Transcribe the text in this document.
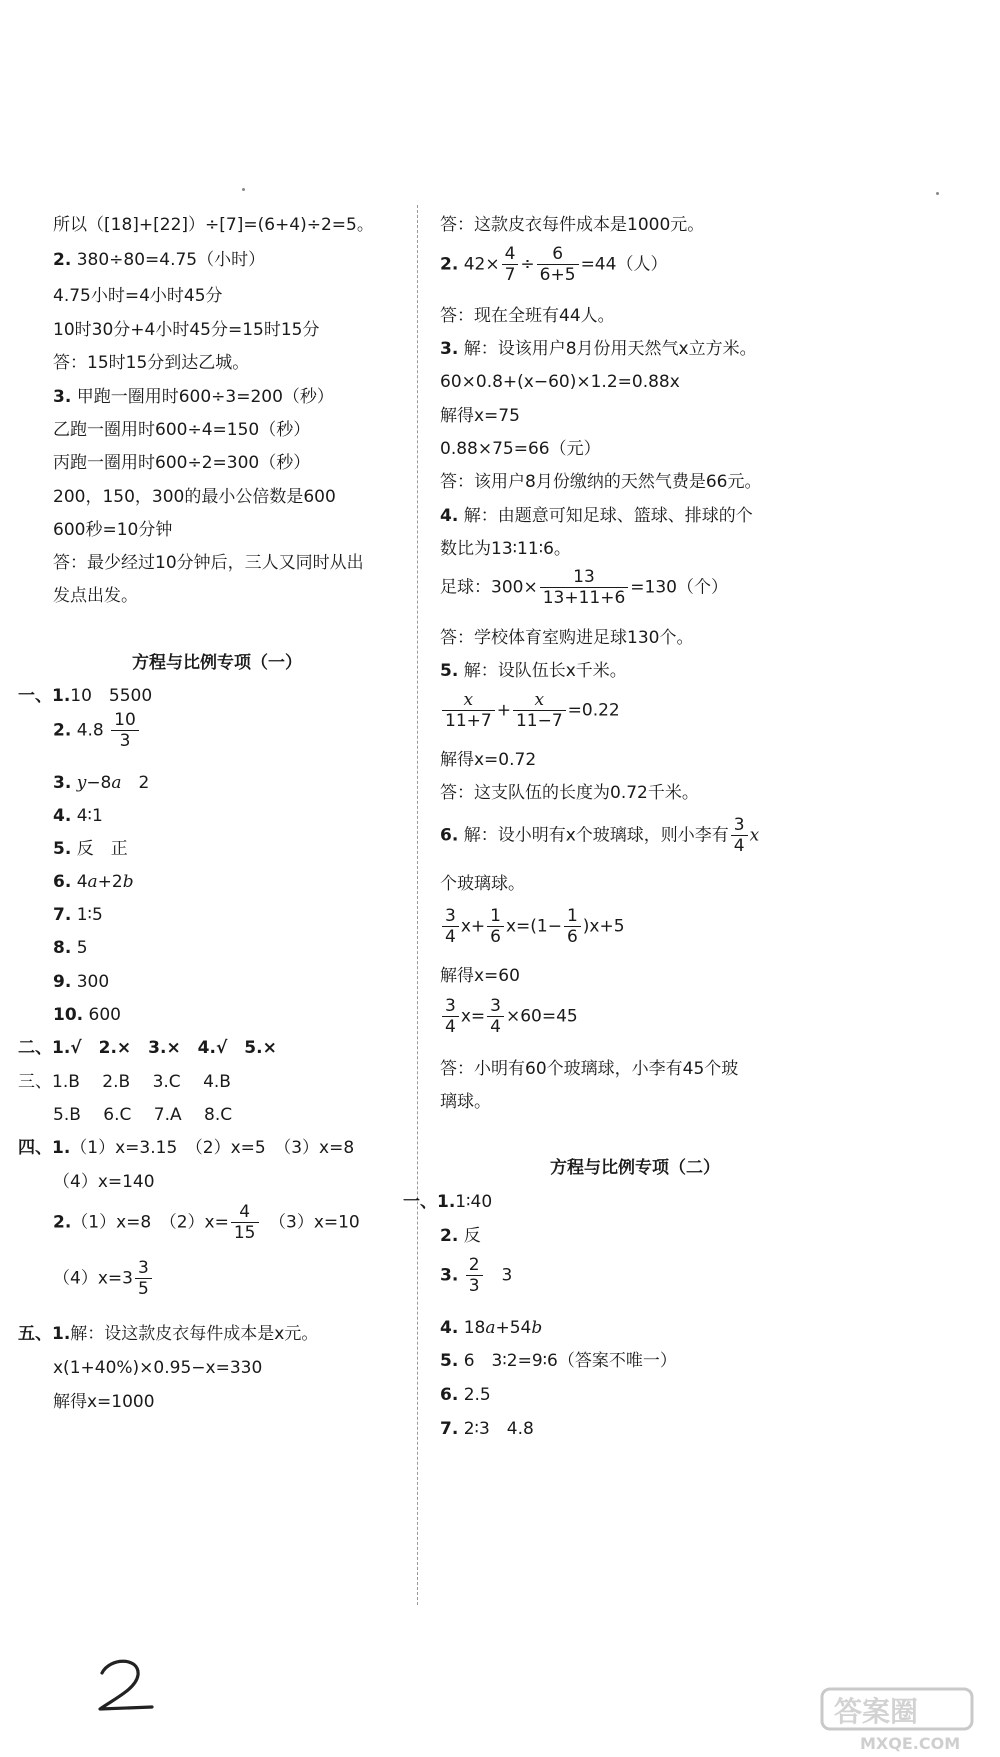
所以（[18]+[22]）÷[7]=(6+4)÷2=5。
2. 380÷80=4.75（小时）
4.75小时=4小时45分
10时30分+4小时45分=15时15分
答：15时15分到达乙城。
3. 甲跑一圈用时600÷3=200（秒）
乙跑一圈用时600÷4=150（秒）
丙跑一圈用时600÷2=300（秒）
200，150，300的最小公倍数是600
600秒=10分钟
答：最少经过10分钟后，三人又同时从出
发点出发。
方程与比例专项（一）
一、1.10　5500
2. $4.8 \frac{10}{3}$
3. y−8a　2
4. 4∶1
5. 反　正
6. 4a+2b
7. 1∶5
8. 5
9. 300
10. 600
二、1.√　2.×　3.×　4.√　5.×
三、1.B　 2.B　 3.C　 4.B
5.B　 6.C　 7.A　 8.C
四、1.（1）x=3.15　（2）x=5　（3）x=8
（4）x=140
2.（1）x=8　$(2)x= \frac{4}{15}$ 　（3）x=10
$(4)x=3 \frac{3}{5}$
五、1.解：设这款皮衣每件成本是x元。
x(1+40%)×0.95−x=330
解得x=1000
答：这款皮衣每件成本是1000元。
2. $42\times \frac{4}{7} \div \frac{6}{6+5} =44$（人）
答：现在全班有44人。
3. 解：设该用户8月份用天然气x立方米。
60×0.8+(x−60)×1.2=0.88x
解得x=75
0.88×75=66（元）
答：该用户8月份缴纳的天然气费是66元。
4. 解：由题意可知足球、篮球、排球的个
数比为13∶11∶6。
足球：$300\times \frac{13}{13+11+6} =130$（个）
答：学校体育室购进足球130个。
5. 解：设队伍长x千米。
$\frac{x}{11+7} + \frac{x}{11-7} =0.22$
解得x=0.72
答：这支队伍的长度为0.72千米。
6. 解：设小明有x个玻璃球，则小李有 $\frac{3}{4}$ x
个玻璃球。
$\frac{3}{4} x+ \frac{1}{6} x=(1- \frac{1}{6} )x+5$
解得x=60
$\frac{3}{4} x= \frac{3}{4} \times 60=45$
答：小明有60个玻璃球，小李有45个玻
璃球。
方程与比例专项（二）
一、1.1∶40
2. 反
3. $\frac{2}{3}$ 　3
4. 18a+54b
5. 6　3∶2=9∶6（答案不唯一）
6. 2.5
7. 2∶3　4.8
答案圈
MXQE.COM
